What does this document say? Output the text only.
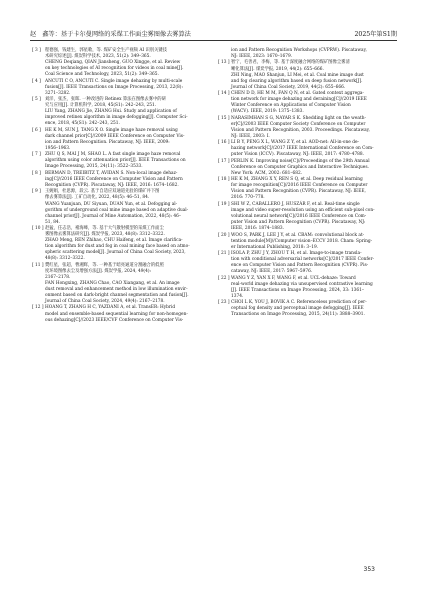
赵　鑫等：基于卡尔曼网络的采煤工作面尘雾图像去雾算法	2025年第S1期
[ 3 ] 程德强，钱建生，郭星歌，等. 煤矿安全生产视频 AI 识别关键技
术研究综述[J]. 煤炭科学技术, 2023, 51(2): 349–365.
CHENG Deqiang, QIAN Jiansheng, GUO Xingge, et al. Review
on key technologies of AI recognition for videos in coal mine[J].
Coal Science and Technology, 2023, 51(2): 349–365.
[ 4 ] ANCUTI C O, ANCUTI C. Single image dehazing by multi-scale
fusion[J]. IEEE Transactions on Image Processing, 2013, 22(8):
3271–3282.
[ 5 ] 刘洋，张杰，张晖. 一种改进的 Retinex 算法在图像去雾中的研
究与应用[J]. 计算机科学, 2018, 45(S1): 242–243, 251.
LIU Yang, ZHANG Jie, ZHANG Hui. Study and application of
improved retinex algorithm in image defogging[J]. Computer Sci-
ence, 2018, 45(S1): 242–243, 251.
[ 6 ] HE K M, SUN J, TANG X O. Single image haze removal using
dark channel prior[C]//2009 IEEE Conference on Computer Vis-
ion and Pattern Recognition. Piscataway, NJ: IEEE, 2009:
1956–1963.
[ 7 ] ZHU Q S, MAI J M, SHAO L. A fast single image haze removal
algorithm using color attenuation prior[J]. IEEE Transactions on
Image Processing, 2015, 24(11): 3522–3533.
[ 8 ] BERMAN D, TREIBITZ T, AVIDAN S. Non-local image dehaz-
ing[C]//2016 IEEE Conference on Computer Vision and Pattern
Recognition (CVPR). Piscataway, NJ: IEEE, 2016: 1674–1682.
[ 9 ] 王婉娟，杜思源，段云. 基于自适应双通道先验的煤矿井下图
像去雾算法[J]. 工矿自动化, 2022, 48(5): 46–51, 84.
WANG Yuanjuan, DU Siyuan, DUAN Yun, et al. Defogging al-
gorithm of underground coal mine image based on adaptive dual-
channel prior[J]. Journal of Mine Automation, 2022, 48(5): 46–
51, 84.
[ 10 ] 赵猛，任志浩，褚海峰，等. 基于大气散射模型的采煤工作面尘
雾图像去雾算法研究[J]. 煤炭学报, 2023, 48(8): 3312–3322.
ZHAO Meng, REN Zhihao, CHU Haifeng, et al. Image clarifica-
tion algorithm for dust and fog in coal mining face based on atmo-
spheric scattering model[J]. Journal of China Coal Society, 2023,
48(8): 3312–3322.
[ 11 ] 樊红星，张超，曹湘辉，等. 一种基于暗亮通道分割融合的低照
度环境图像去尘及增强方法[J]. 煤炭学报, 2024, 49(4):
2167–2178.
FAN Hongxing, ZHANG Chao, CAO Xiangang, et al. An image
dust removal and enhancement method in low illumination envir-
onment based on dark-bright channel segmentation and fusion[J].
Journal of China Coal Society, 2024, 49(4): 2167–2178.
[ 12 ] HOANG T, ZHANG H C, YAZDANI A, et al. TransER: Hybrid
model and ensemble-based sequential learning for non-homogen-
ous dehazing[C]//2023 IEEE/CVF Conference on Computer Vis-
ion and Pattern Recognition Workshops (CVPRW). Piscataway,
NJ: IEEE, 2023: 1670–1679.
[ 13 ] 智宁，毛善君，李梅，等. 基于深度融合网络的煤矿图像尘雾清
晰化算法[J]. 煤炭学报, 2019, 44(2): 655–666.
ZHI Ning, MAO Shanjun, LI Mei, et al. Coal mine image dust
and fog clearing algorithm based on deep fusion network[J].
Journal of China Coal Society, 2019, 44(2): 655–666.
[ 14 ] CHEN D D, HE M M, FAN Q N, et al. Gated context aggrega-
tion network for image dehazing and deraining[C]//2019 IEEE
Winter Conference on Applications of Computer Vision
(WACV). IEEE, 2019: 1375–1383.
[ 15 ] NARASIMHAN S G, NAYAR S K. Shedding light on the weath-
er[C]//2003 IEEE Computer Society Conference on Computer
Vision and Pattern Recognition, 2003. Proceedings. Piscataway,
NJ: IEEE, 2003: I.
[ 16 ] LI B Y, PENG X L, WANG Z Y, et al. AOD-net: All-in-one de-
hazing network[C]//2017 IEEE International Conference on Com-
puter Vision (ICCV). Piscataway, NJ: IEEE, 2017: 4780–4788.
[ 17 ] PERLIN K. Improving noise[C]//Proceedings of the 29th Annual
Conference on Computer Graphics and Interactive Techniques.
New York: ACM, 2002: 681–682.
[ 18 ] HE K M, ZHANG X Y, REN S Q, et al. Deep residual learning
for image recognition[C]//2016 IEEE Conference on Computer
Vision and Pattern Recognition (CVPR). Piscataway, NJ: IEEE,
2016: 770–778.
[ 19 ] SHI W Z, CABALLERO J, HUSZÁR F, et al. Real-time single
image and video super-resolution using an efficient sub-pixel con-
volutional neural network[C]//2016 IEEE Conference on Com-
puter Vision and Pattern Recognition (CVPR). Piscataway, NJ:
IEEE, 2016: 1874–1883.
[ 20 ] WOO S, PARK J, LEE J Y, et al. CBAM: convolutional block at-
tention module[M]//Computer vision–ECCV 2018. Cham: Spring-
er International Publishing, 2018: 3–19.
[ 21 ] ISOLA P, ZHU J Y, ZHOU T H, et al. Image-to-image transla-
tion with conditional adversarial networks[C]//2017 IEEE Confer-
ence on Computer Vision and Pattern Recognition (CVPR). Pis-
cataway, NJ: IEEE, 2017: 5967–5976.
[ 22 ] WANG Y Z, YAN X F, WANG F, et al. UCL-dehaze: Toward
real-world image dehazing via unsupervised contrastive learning
[J]. IEEE Transactions on Image Processing, 2024, 33: 1361–
1374.
[ 23 ] CHOI L K, YOU J, BOVIK A C. Referenceless prediction of per-
ceptual fog density and perceptual image defogging[J]. IEEE
Transactions on Image Processing, 2015, 24(11): 3888–3901.
353
